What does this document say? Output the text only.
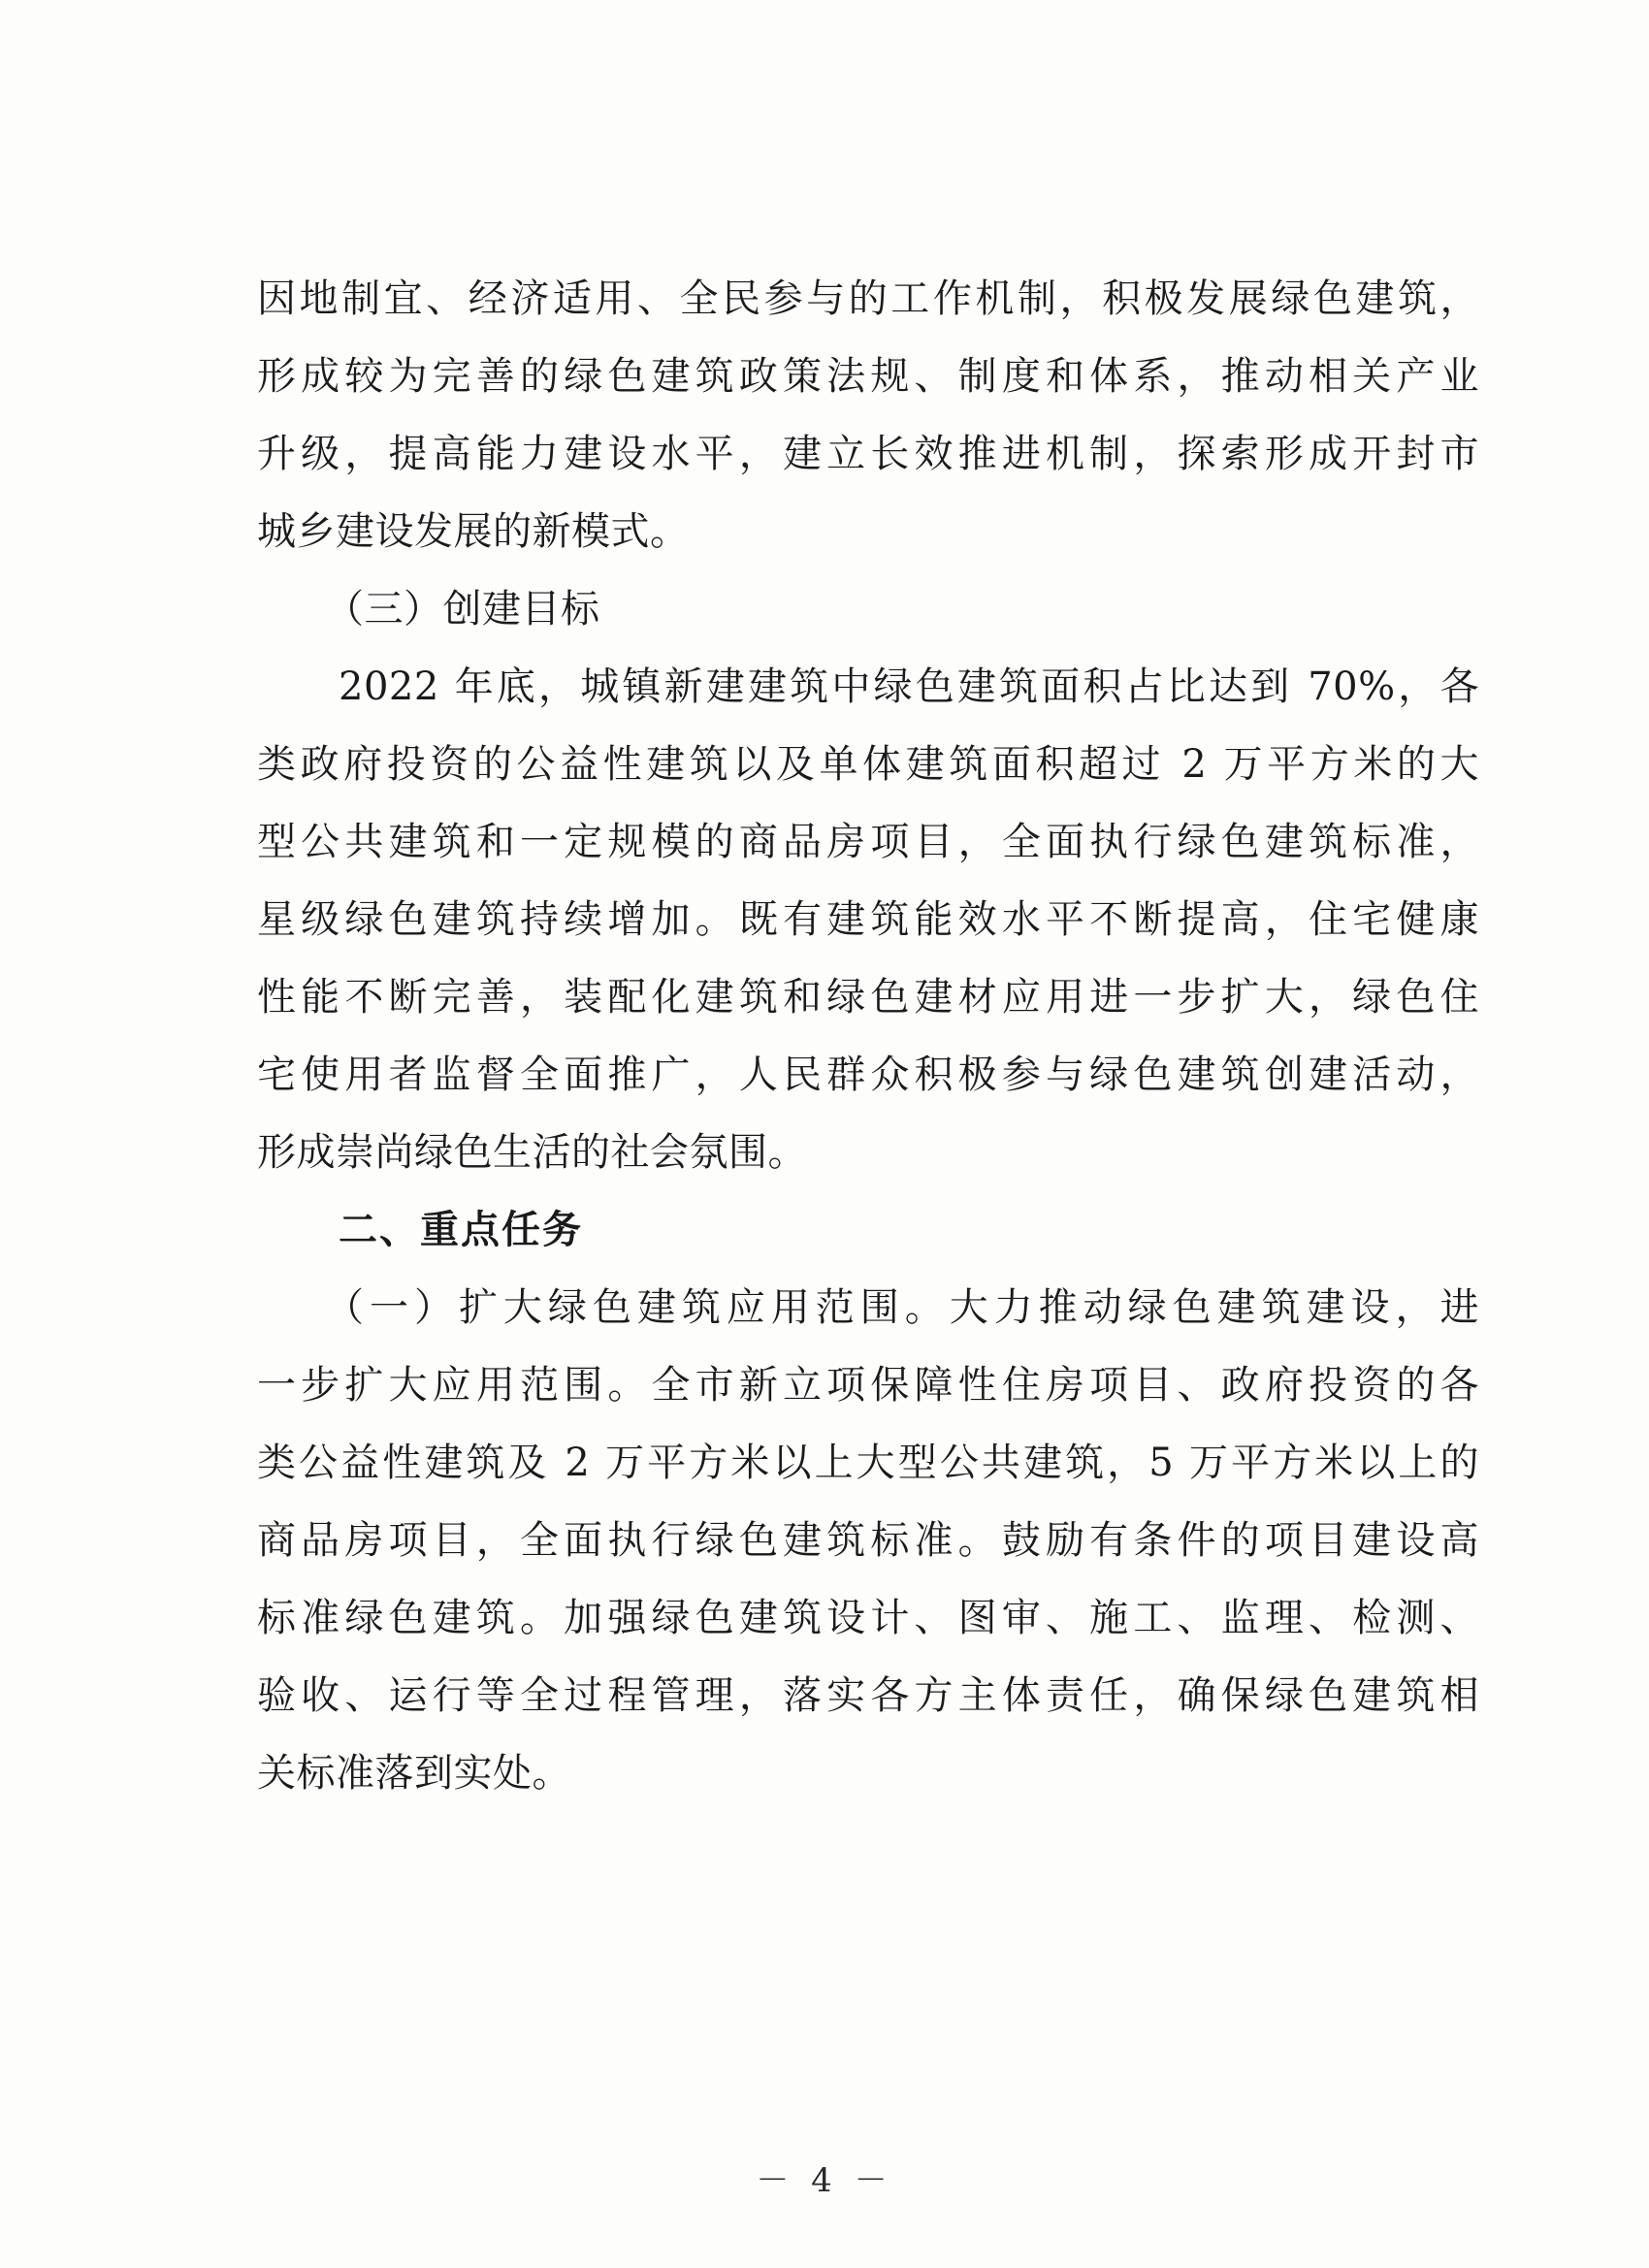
因地制宜、经济适用、全民参与的工作机制，积极发展绿色建筑，
形成较为完善的绿色建筑政策法规、制度和体系，推动相关产业
升级，提高能力建设水平，建立长效推进机制，探索形成开封市
城乡建设发展的新模式。
（三）创建目标
2022 年底，城镇新建建筑中绿色建筑面积占比达到 70%，各
类政府投资的公益性建筑以及单体建筑面积超过 2 万平方米的大
型公共建筑和一定规模的商品房项目，全面执行绿色建筑标准，
星级绿色建筑持续增加。既有建筑能效水平不断提高，住宅健康
性能不断完善，装配化建筑和绿色建材应用进一步扩大，绿色住
宅使用者监督全面推广，人民群众积极参与绿色建筑创建活动，
形成崇尚绿色生活的社会氛围。
二、重点任务
（一）扩大绿色建筑应用范围。大力推动绿色建筑建设，进
一步扩大应用范围。全市新立项保障性住房项目、政府投资的各
类公益性建筑及 2 万平方米以上大型公共建筑，5 万平方米以上的
商品房项目，全面执行绿色建筑标准。鼓励有条件的项目建设高
标准绿色建筑。加强绿色建筑设计、图审、施工、监理、检测、
验收、运行等全过程管理，落实各方主体责任，确保绿色建筑相
关标准落到实处。
－ 4 －
